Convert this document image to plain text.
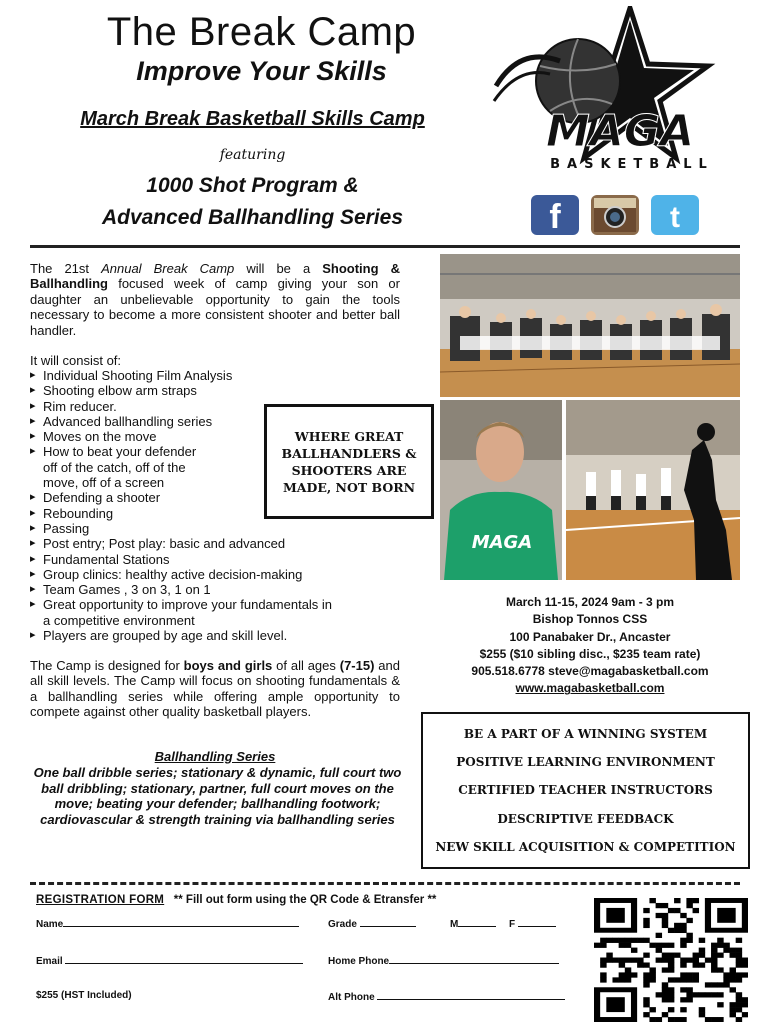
The Break Camp
Improve Your Skills
March Break Basketball Skills Camp
featuring
1000 Shot Program &
Advanced Ballhandling Series
MAGA
BASKETBALL
f	t
The 21st Annual Break Camp will be a Shooting & Ballhandling focused week of camp giving your son or daughter an unbelievable opportunity to gain the tools necessary to become a more consistent shooter and better ball handler.
It will consist of:
▸ Individual Shooting Film Analysis
▸ Shooting elbow arm straps
▸ Rim reducer.
▸ Advanced ballhandling series
▸ Moves on the move
▸ How to beat your defender
off of the catch, off of the
move, off of a screen
▸ Defending a shooter
▸ Rebounding
▸ Passing
▸ Post entry; Post play: basic and advanced
▸ Fundamental Stations
▸ Group clinics: healthy active decision-making
▸ Team Games , 3 on 3, 1 on 1
▸ Great opportunity to improve your fundamentals in
a competitive environment
▸ Players are grouped by age and skill level.
WHERE GREAT
BALLHANDLERS &
SHOOTERS ARE
MADE, NOT BORN
The Camp is designed for boys and girls of all ages (7-15) and all skill levels. The Camp will focus on shooting fundamentals & a ballhandling series while offering ample opportunity to compete against other quality basketball players.
Ballhandling Series
One ball dribble series; stationary & dynamic, full court two ball dribbling; stationary, partner, full court moves on the move; beating your defender; ballhandling footwork; cardiovascular & strength training via ballhandling series
MAGA
March 11-15, 2024 9am - 3 pm
Bishop Tonnos CSS
100 Panabaker Dr., Ancaster
$255 ($10 sibling disc., $235 team rate)
905.518.6778 steve@magabasketball.com
www.magabasketball.com
BE A PART OF A WINNING SYSTEM
POSITIVE LEARNING ENVIRONMENT
CERTIFIED TEACHER INSTRUCTORS
DESCRIPTIVE FEEDBACK
NEW SKILL ACQUISITION & COMPETITION
REGISTRATION FORM ** Fill out form using the QR Code & Etransfer **
Name	Grade	M	F
Email	Home Phone
$255 (HST Included)	Alt Phone
